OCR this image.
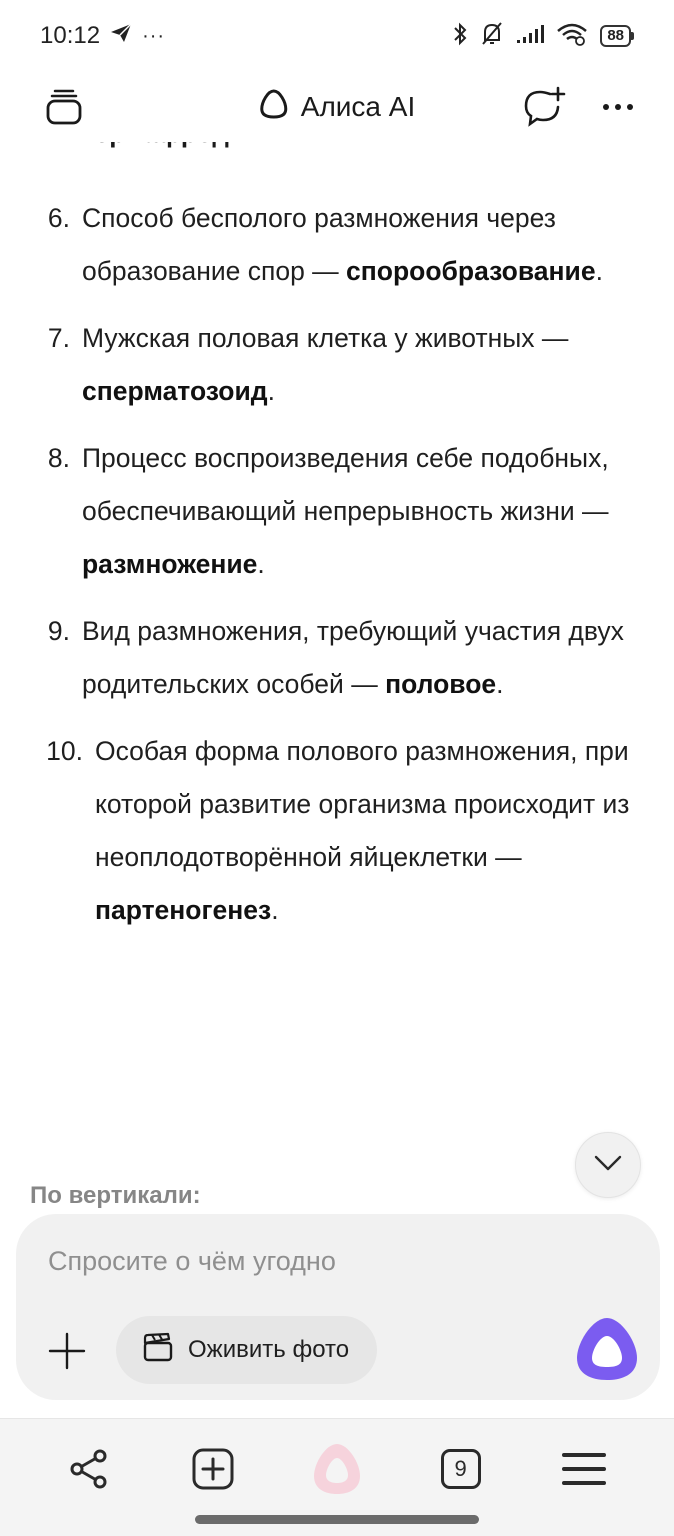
10:12 ···	88
Алиса AI
6. Способ бесполого размножения через образование спор — спорообразование.
7. Мужская половая клетка у животных — сперматозоид.
8. Процесс воспроизведения себе подобных, обеспечивающий непрерывность жизни — размножение.
9. Вид размножения, требующий участия двух родительских особей — половое.
10. Особая форма полового размножения, при которой развитие организма происходит из неоплодотворённой яйцеклетки — партеногенез.
По вертикали:
Спросите о чём угодно
Оживить фото
9
